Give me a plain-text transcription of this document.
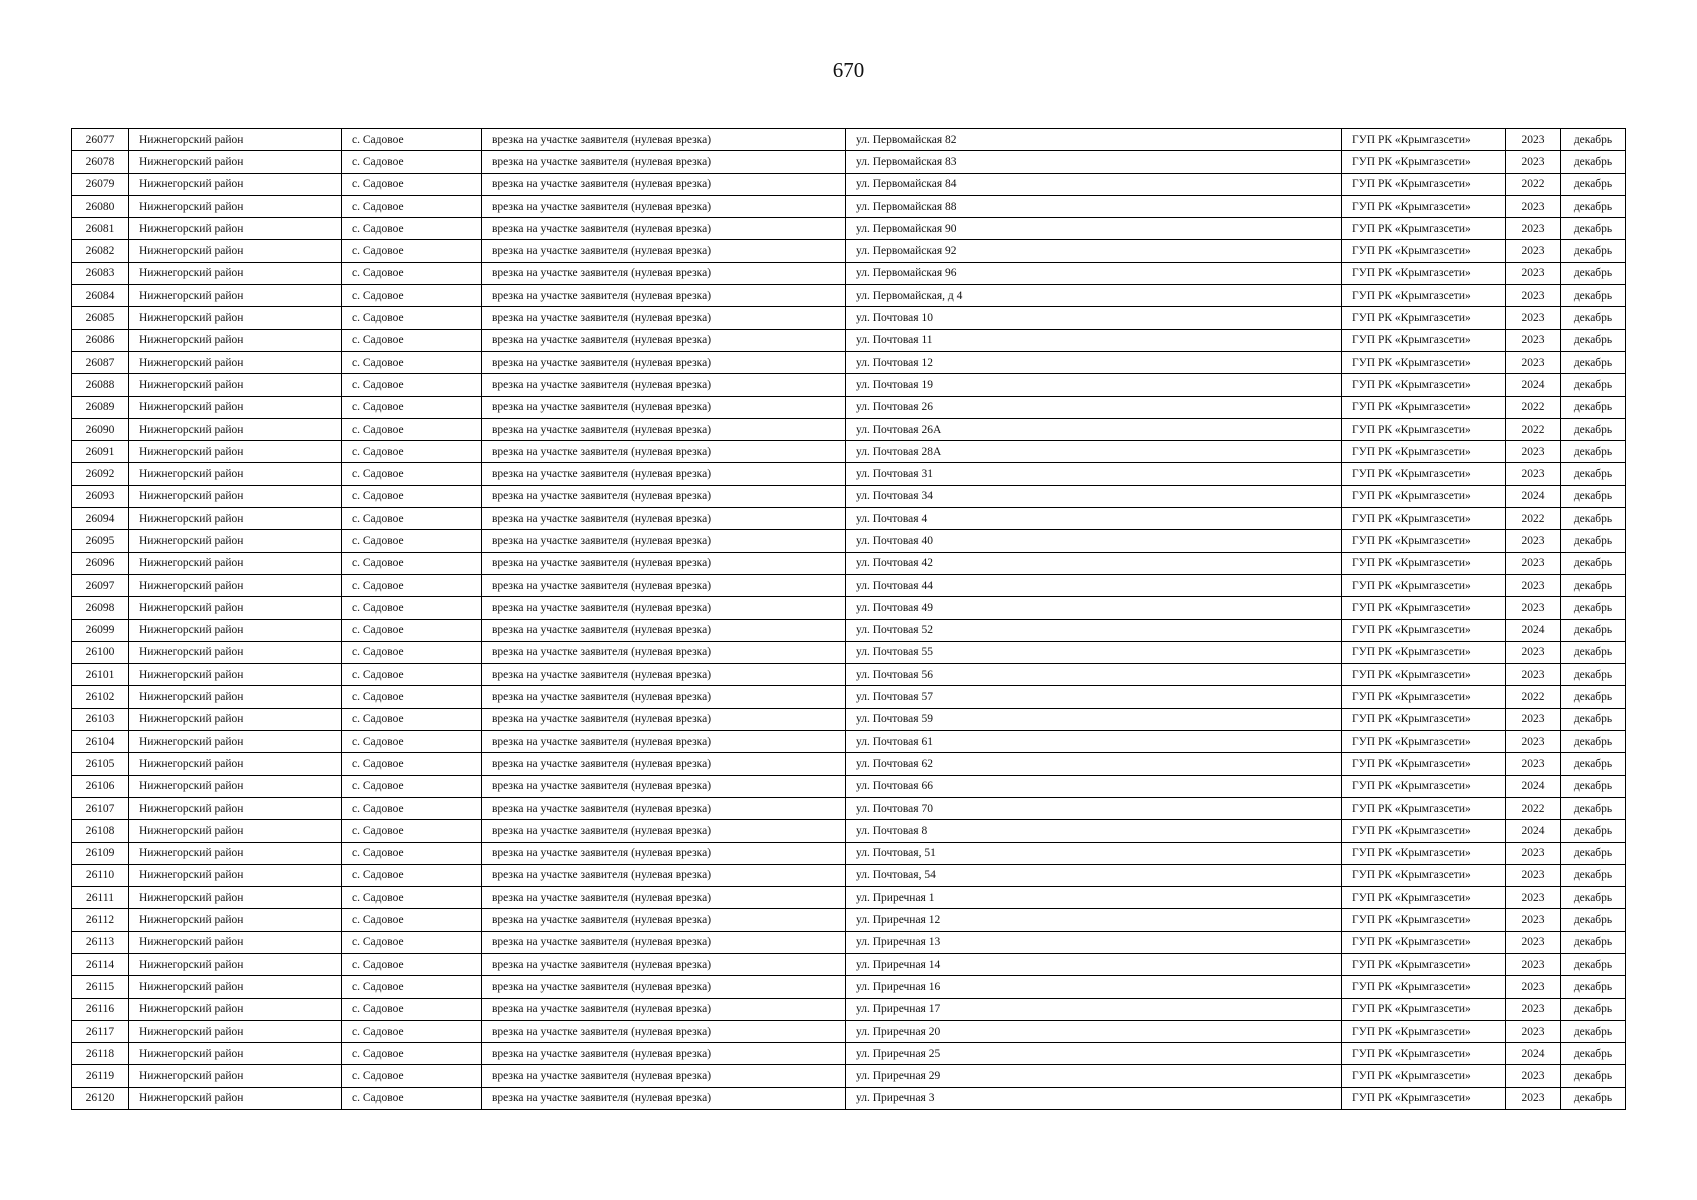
670
26077	Нижнегорский район	с. Садовое	врезка на участке заявителя (нулевая врезка)	ул. Первомайская 82	ГУП РК «Крымгазсети»	2023	декабрь
26078	Нижнегорский район	с. Садовое	врезка на участке заявителя (нулевая врезка)	ул. Первомайская 83	ГУП РК «Крымгазсети»	2023	декабрь
26079	Нижнегорский район	с. Садовое	врезка на участке заявителя (нулевая врезка)	ул. Первомайская 84	ГУП РК «Крымгазсети»	2022	декабрь
26080	Нижнегорский район	с. Садовое	врезка на участке заявителя (нулевая врезка)	ул. Первомайская 88	ГУП РК «Крымгазсети»	2023	декабрь
26081	Нижнегорский район	с. Садовое	врезка на участке заявителя (нулевая врезка)	ул. Первомайская 90	ГУП РК «Крымгазсети»	2023	декабрь
26082	Нижнегорский район	с. Садовое	врезка на участке заявителя (нулевая врезка)	ул. Первомайская 92	ГУП РК «Крымгазсети»	2023	декабрь
26083	Нижнегорский район	с. Садовое	врезка на участке заявителя (нулевая врезка)	ул. Первомайская 96	ГУП РК «Крымгазсети»	2023	декабрь
26084	Нижнегорский район	с. Садовое	врезка на участке заявителя (нулевая врезка)	ул. Первомайская, д 4	ГУП РК «Крымгазсети»	2023	декабрь
26085	Нижнегорский район	с. Садовое	врезка на участке заявителя (нулевая врезка)	ул. Почтовая 10	ГУП РК «Крымгазсети»	2023	декабрь
26086	Нижнегорский район	с. Садовое	врезка на участке заявителя (нулевая врезка)	ул. Почтовая 11	ГУП РК «Крымгазсети»	2023	декабрь
26087	Нижнегорский район	с. Садовое	врезка на участке заявителя (нулевая врезка)	ул. Почтовая 12	ГУП РК «Крымгазсети»	2023	декабрь
26088	Нижнегорский район	с. Садовое	врезка на участке заявителя (нулевая врезка)	ул. Почтовая 19	ГУП РК «Крымгазсети»	2024	декабрь
26089	Нижнегорский район	с. Садовое	врезка на участке заявителя (нулевая врезка)	ул. Почтовая 26	ГУП РК «Крымгазсети»	2022	декабрь
26090	Нижнегорский район	с. Садовое	врезка на участке заявителя (нулевая врезка)	ул. Почтовая 26А	ГУП РК «Крымгазсети»	2022	декабрь
26091	Нижнегорский район	с. Садовое	врезка на участке заявителя (нулевая врезка)	ул. Почтовая 28А	ГУП РК «Крымгазсети»	2023	декабрь
26092	Нижнегорский район	с. Садовое	врезка на участке заявителя (нулевая врезка)	ул. Почтовая 31	ГУП РК «Крымгазсети»	2023	декабрь
26093	Нижнегорский район	с. Садовое	врезка на участке заявителя (нулевая врезка)	ул. Почтовая 34	ГУП РК «Крымгазсети»	2024	декабрь
26094	Нижнегорский район	с. Садовое	врезка на участке заявителя (нулевая врезка)	ул. Почтовая 4	ГУП РК «Крымгазсети»	2022	декабрь
26095	Нижнегорский район	с. Садовое	врезка на участке заявителя (нулевая врезка)	ул. Почтовая 40	ГУП РК «Крымгазсети»	2023	декабрь
26096	Нижнегорский район	с. Садовое	врезка на участке заявителя (нулевая врезка)	ул. Почтовая 42	ГУП РК «Крымгазсети»	2023	декабрь
26097	Нижнегорский район	с. Садовое	врезка на участке заявителя (нулевая врезка)	ул. Почтовая 44	ГУП РК «Крымгазсети»	2023	декабрь
26098	Нижнегорский район	с. Садовое	врезка на участке заявителя (нулевая врезка)	ул. Почтовая 49	ГУП РК «Крымгазсети»	2023	декабрь
26099	Нижнегорский район	с. Садовое	врезка на участке заявителя (нулевая врезка)	ул. Почтовая 52	ГУП РК «Крымгазсети»	2024	декабрь
26100	Нижнегорский район	с. Садовое	врезка на участке заявителя (нулевая врезка)	ул. Почтовая 55	ГУП РК «Крымгазсети»	2023	декабрь
26101	Нижнегорский район	с. Садовое	врезка на участке заявителя (нулевая врезка)	ул. Почтовая 56	ГУП РК «Крымгазсети»	2023	декабрь
26102	Нижнегорский район	с. Садовое	врезка на участке заявителя (нулевая врезка)	ул. Почтовая 57	ГУП РК «Крымгазсети»	2022	декабрь
26103	Нижнегорский район	с. Садовое	врезка на участке заявителя (нулевая врезка)	ул. Почтовая 59	ГУП РК «Крымгазсети»	2023	декабрь
26104	Нижнегорский район	с. Садовое	врезка на участке заявителя (нулевая врезка)	ул. Почтовая 61	ГУП РК «Крымгазсети»	2023	декабрь
26105	Нижнегорский район	с. Садовое	врезка на участке заявителя (нулевая врезка)	ул. Почтовая 62	ГУП РК «Крымгазсети»	2023	декабрь
26106	Нижнегорский район	с. Садовое	врезка на участке заявителя (нулевая врезка)	ул. Почтовая 66	ГУП РК «Крымгазсети»	2024	декабрь
26107	Нижнегорский район	с. Садовое	врезка на участке заявителя (нулевая врезка)	ул. Почтовая 70	ГУП РК «Крымгазсети»	2022	декабрь
26108	Нижнегорский район	с. Садовое	врезка на участке заявителя (нулевая врезка)	ул. Почтовая 8	ГУП РК «Крымгазсети»	2024	декабрь
26109	Нижнегорский район	с. Садовое	врезка на участке заявителя (нулевая врезка)	ул. Почтовая, 51	ГУП РК «Крымгазсети»	2023	декабрь
26110	Нижнегорский район	с. Садовое	врезка на участке заявителя (нулевая врезка)	ул. Почтовая, 54	ГУП РК «Крымгазсети»	2023	декабрь
26111	Нижнегорский район	с. Садовое	врезка на участке заявителя (нулевая врезка)	ул. Приречная 1	ГУП РК «Крымгазсети»	2023	декабрь
26112	Нижнегорский район	с. Садовое	врезка на участке заявителя (нулевая врезка)	ул. Приречная 12	ГУП РК «Крымгазсети»	2023	декабрь
26113	Нижнегорский район	с. Садовое	врезка на участке заявителя (нулевая врезка)	ул. Приречная 13	ГУП РК «Крымгазсети»	2023	декабрь
26114	Нижнегорский район	с. Садовое	врезка на участке заявителя (нулевая врезка)	ул. Приречная 14	ГУП РК «Крымгазсети»	2023	декабрь
26115	Нижнегорский район	с. Садовое	врезка на участке заявителя (нулевая врезка)	ул. Приречная 16	ГУП РК «Крымгазсети»	2023	декабрь
26116	Нижнегорский район	с. Садовое	врезка на участке заявителя (нулевая врезка)	ул. Приречная 17	ГУП РК «Крымгазсети»	2023	декабрь
26117	Нижнегорский район	с. Садовое	врезка на участке заявителя (нулевая врезка)	ул. Приречная 20	ГУП РК «Крымгазсети»	2023	декабрь
26118	Нижнегорский район	с. Садовое	врезка на участке заявителя (нулевая врезка)	ул. Приречная 25	ГУП РК «Крымгазсети»	2024	декабрь
26119	Нижнегорский район	с. Садовое	врезка на участке заявителя (нулевая врезка)	ул. Приречная 29	ГУП РК «Крымгазсети»	2023	декабрь
26120	Нижнегорский район	с. Садовое	врезка на участке заявителя (нулевая врезка)	ул. Приречная 3	ГУП РК «Крымгазсети»	2023	декабрь
